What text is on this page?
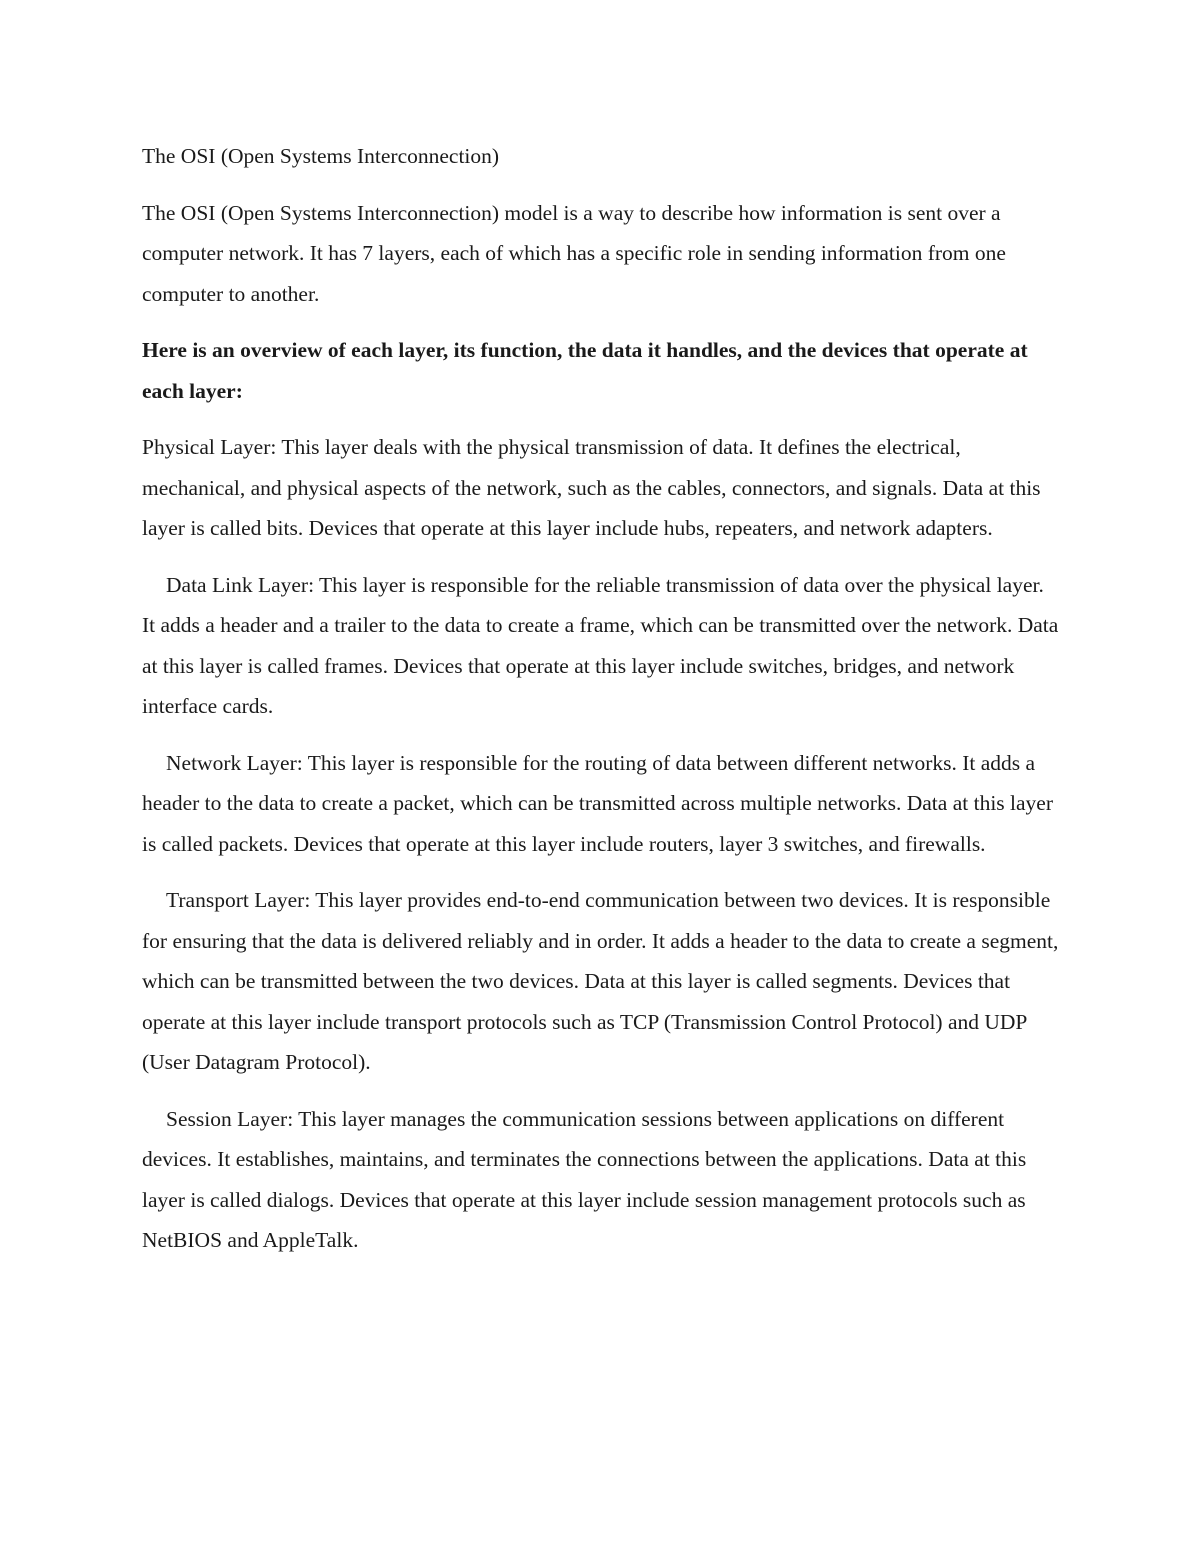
The OSI (Open Systems Interconnection)

The OSI (Open Systems Interconnection) model is a way to describe how information is sent over a computer network. It has 7 layers, each of which has a specific role in sending information from one computer to another.

Here is an overview of each layer, its function, the data it handles, and the devices that operate at each layer:

Physical Layer: This layer deals with the physical transmission of data. It defines the electrical, mechanical, and physical aspects of the network, such as the cables, connectors, and signals. Data at this layer is called bits. Devices that operate at this layer include hubs, repeaters, and network adapters.

Data Link Layer: This layer is responsible for the reliable transmission of data over the physical layer. It adds a header and a trailer to the data to create a frame, which can be transmitted over the network. Data at this layer is called frames. Devices that operate at this layer include switches, bridges, and network interface cards.

Network Layer: This layer is responsible for the routing of data between different networks. It adds a header to the data to create a packet, which can be transmitted across multiple networks. Data at this layer is called packets. Devices that operate at this layer include routers, layer 3 switches, and firewalls.

Transport Layer: This layer provides end-to-end communication between two devices. It is responsible for ensuring that the data is delivered reliably and in order. It adds a header to the data to create a segment, which can be transmitted between the two devices. Data at this layer is called segments. Devices that operate at this layer include transport protocols such as TCP (Transmission Control Protocol) and UDP (User Datagram Protocol).

Session Layer: This layer manages the communication sessions between applications on different devices. It establishes, maintains, and terminates the connections between the applications. Data at this layer is called dialogs. Devices that operate at this layer include session management protocols such as NetBIOS and AppleTalk.
